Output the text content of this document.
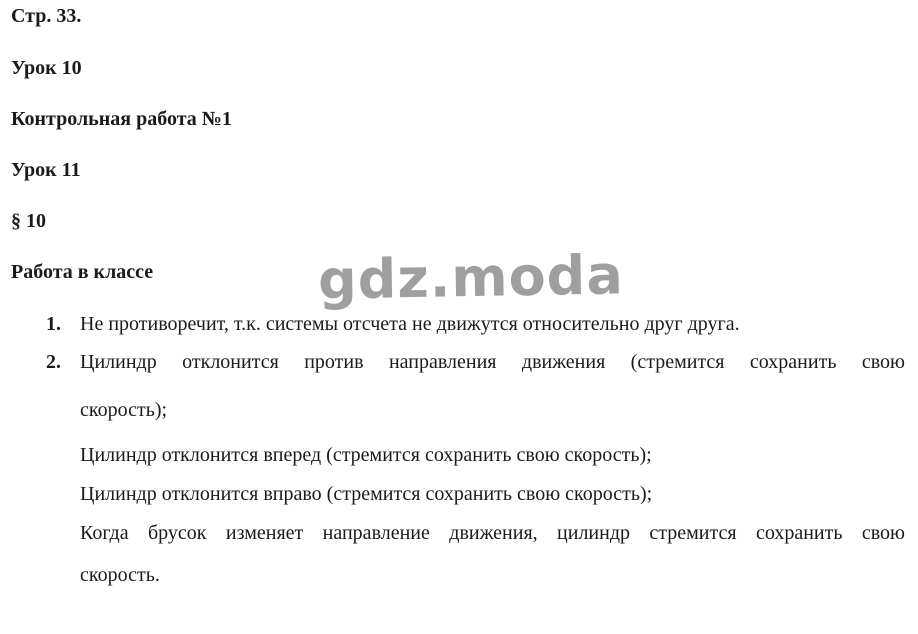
Стр. 33.
Урок 10
Контрольная работа №1
Урок 11
§ 10
Работа в классе	gdz.moda
1. Не противоречит, т.к. системы отсчета не движутся относительно друг друга.
2. Цилиндр отклонится против направления движения (стремится сохранить свою
скорость);
Цилиндр отклонится вперед (стремится сохранить свою скорость);
Цилиндр отклонится вправо (стремится сохранить свою скорость);
Когда брусок изменяет направление движения, цилиндр стремится сохранить свою
скорость.
